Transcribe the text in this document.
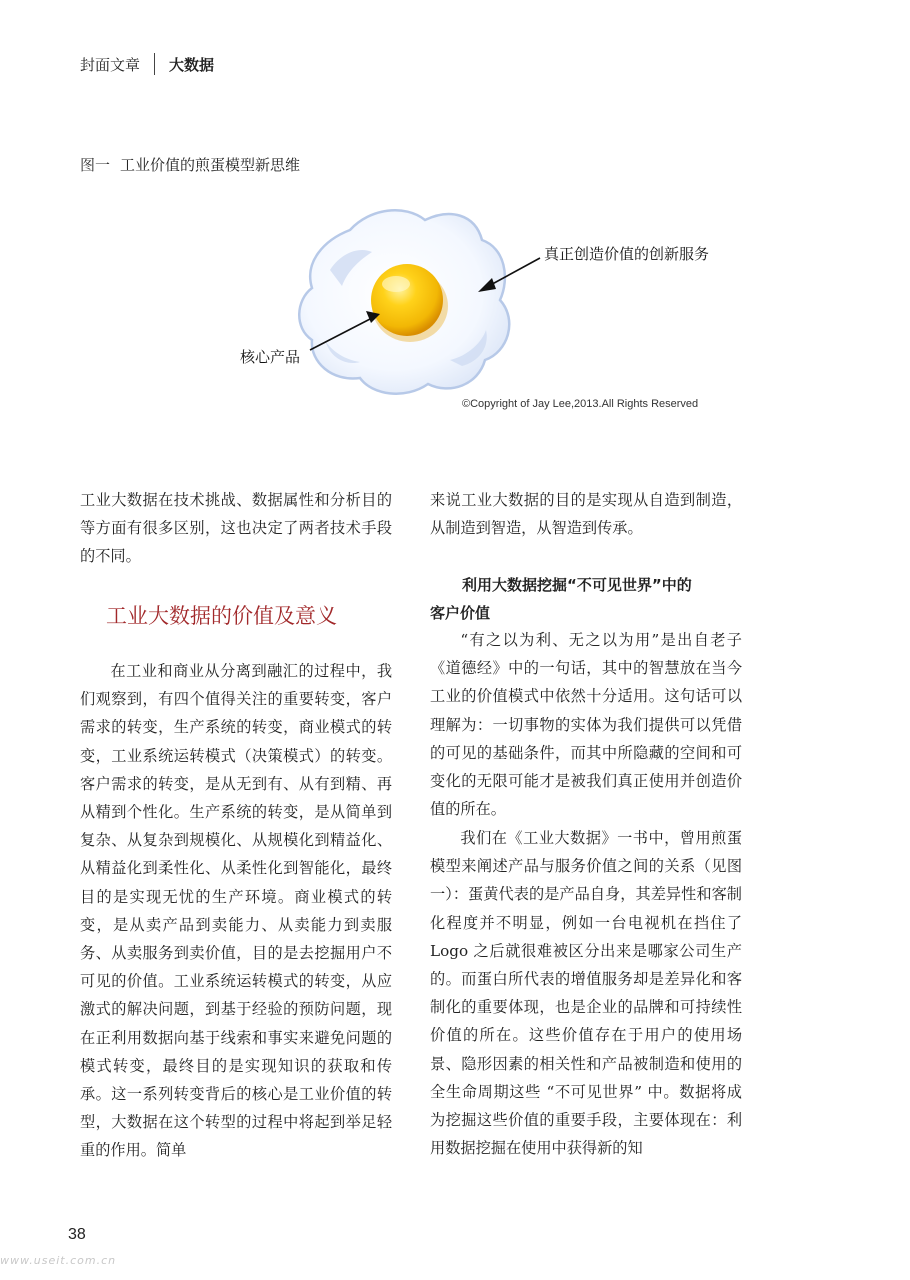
封面文章 大数据
图一 工业价值的煎蛋模型新思维
真正创造价值的创新服务
核心产品
©Copyright of Jay Lee,2013.All Rights Reserved

工业大数据在技术挑战、数据属性和分析目的等方面有很多区别，这也决定了两者技术手段的不同。

工业大数据的价值及意义

在工业和商业从分离到融汇的过程中，我们观察到，有四个值得关注的重要转变，客户需求的转变，生产系统的转变，商业模式的转变，工业系统运转模式（决策模式）的转变。客户需求的转变，是从无到有、从有到精、再从精到个性化。生产系统的转变，是从简单到复杂、从复杂到规模化、从规模化到精益化、从精益化到柔性化、从柔性化到智能化，最终目的是实现无忧的生产环境。商业模式的转变，是从卖产品到卖能力、从卖能力到卖服务、从卖服务到卖价值，目的是去挖掘用户不可见的价值。工业系统运转模式的转变，从应激式的解决问题，到基于经验的预防问题，现在正利用数据向基于线索和事实来避免问题的模式转变，最终目的是实现知识的获取和传承。这一系列转变背后的核心是工业价值的转型，大数据在这个转型的过程中将起到举足轻重的作用。简单

来说工业大数据的目的是实现从自造到制造，从制造到智造，从智造到传承。

利用大数据挖掘“不可见世界”中的
客户价值

“有之以为利、无之以为用”是出自老子《道德经》中的一句话，其中的智慧放在当今工业的价值模式中依然十分适用。这句话可以理解为：一切事物的实体为我们提供可以凭借的可见的基础条件，而其中所隐藏的空间和可变化的无限可能才是被我们真正使用并创造价值的所在。

我们在《工业大数据》一书中，曾用煎蛋模型来阐述产品与服务价值之间的关系（见图一）：蛋黄代表的是产品自身，其差异性和客制化程度并不明显，例如一台电视机在挡住了 Logo 之后就很难被区分出来是哪家公司生产的。而蛋白所代表的增值服务却是差异化和客制化的重要体现，也是企业的品牌和可持续性价值的所在。这些价值存在于用户的使用场景、隐形因素的相关性和产品被制造和使用的全生命周期这些 “不可见世界” 中。数据将成为挖掘这些价值的重要手段，主要体现在：利用数据挖掘在使用中获得新的知

38
www.useit.com.cn
